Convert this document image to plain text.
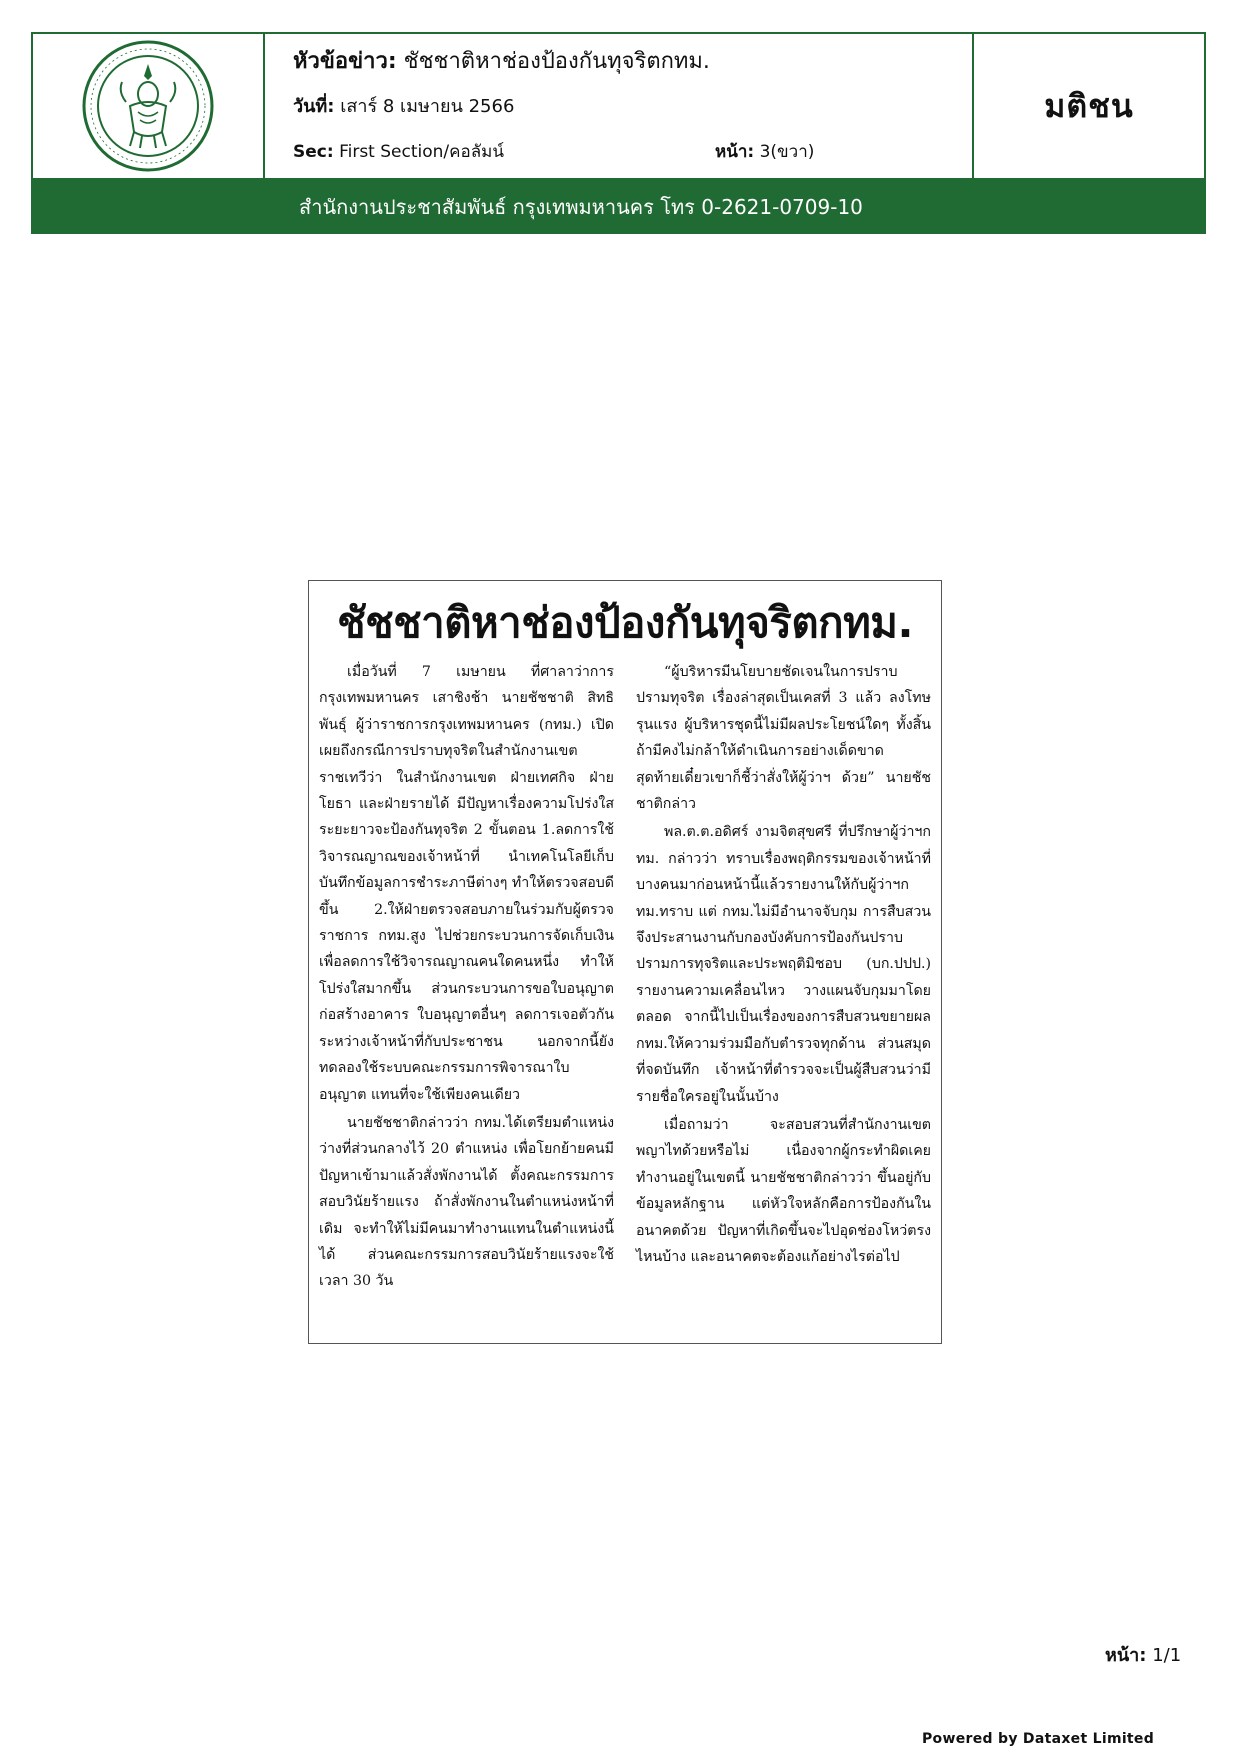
หัวข้อข่าว: ชัชชาติหาช่องป้องกันทุจริตกทม.
วันที่: เสาร์ 8 เมษายน 2566
Sec: First Section/คอลัมน์	หน้า: 3(ขวา)
มติชน
สำนักงานประชาสัมพันธ์ กรุงเทพมหานคร โทร 0-2621-0709-10
ชัชชาติหาช่องป้องกันทุจริตกทม.

เมื่อวันที่ 7 เมษายน ที่ศาลาว่าการกรุงเทพมหานคร เสาชิงช้า นายชัชชาติ สิทธิพันธุ์ ผู้ว่าราชการกรุงเทพมหานคร (กทม.) เปิดเผยถึงกรณีการปราบทุจริตในสำนักงานเขตราชเทวีว่า ในสำนักงานเขต ฝ่ายเทศกิจ ฝ่ายโยธา และฝ่ายรายได้ มีปัญหาเรื่องความโปร่งใส ระยะยาวจะป้องกันทุจริต 2 ขั้นตอน 1.ลดการใช้วิจารณญาณของเจ้าหน้าที่ นำเทคโนโลยีเก็บบันทึกข้อมูลการชำระภาษีต่างๆ ทำให้ตรวจสอบดีขึ้น 2.ให้ฝ่ายตรวจสอบภายในร่วมกับผู้ตรวจราชการ กทม.สูง ไปช่วยกระบวนการจัดเก็บเงิน เพื่อลดการใช้วิจารณญาณคนใดคนหนึ่ง ทำให้โปร่งใสมากขึ้น ส่วนกระบวนการขอใบอนุญาตก่อสร้างอาคาร ใบอนุญาตอื่นๆ ลดการเจอตัวกันระหว่างเจ้าหน้าที่กับประชาชน นอกจากนี้ยังทดลองใช้ระบบคณะกรรมการพิจารณาใบอนุญาต แทนที่จะใช้เพียงคนเดียว

นายชัชชาติกล่าวว่า กทม.ได้เตรียมตำแหน่งว่างที่ส่วนกลางไว้ 20 ตำแหน่ง เพื่อโยกย้ายคนมีปัญหาเข้ามาแล้วสั่งพักงานได้ ตั้งคณะกรรมการสอบวินัยร้ายแรง ถ้าสั่งพักงานในตำแหน่งหน้าที่เดิม จะทำให้ไม่มีคนมาทำงานแทนในตำแหน่งนี้ได้ ส่วนคณะกรรมการสอบวินัยร้ายแรงจะใช้เวลา 30 วัน

“ผู้บริหารมีนโยบายชัดเจนในการปราบปรามทุจริต เรื่องล่าสุดเป็นเคสที่ 3 แล้ว ลงโทษรุนแรง ผู้บริหารชุดนี้ไม่มีผลประโยชน์ใดๆ ทั้งสิ้น ถ้ามีคงไม่กล้าให้ดำเนินการอย่างเด็ดขาด สุดท้ายเดี๋ยวเขาก็ชี้ว่าสั่งให้ผู้ว่าฯ ด้วย” นายชัชชาติกล่าว

พล.ต.ต.อดิศร์ งามจิตสุขศรี ที่ปรึกษาผู้ว่าฯกทม. กล่าวว่า ทราบเรื่องพฤติกรรมของเจ้าหน้าที่บางคนมาก่อนหน้านี้แล้วรายงานให้กับผู้ว่าฯกทม.ทราบ แต่ กทม.ไม่มีอำนาจจับกุม การสืบสวน จึงประสานงานกับกองบังคับการป้องกันปราบปรามการทุจริตและประพฤติมิชอบ (บก.ปปป.) รายงานความเคลื่อนไหว วางแผนจับกุมมาโดยตลอด จากนี้ไปเป็นเรื่องของการสืบสวนขยายผล กทม.ให้ความร่วมมือกับตำรวจทุกด้าน ส่วนสมุดที่จดบันทึก เจ้าหน้าที่ตำรวจจะเป็นผู้สืบสวนว่ามีรายชื่อใครอยู่ในนั้นบ้าง

เมื่อถามว่า จะสอบสวนที่สำนักงานเขตพญาไทด้วยหรือไม่ เนื่องจากผู้กระทำผิดเคยทำงานอยู่ในเขตนี้ นายชัชชาติกล่าวว่า ขึ้นอยู่กับข้อมูลหลักฐาน แต่หัวใจหลักคือการป้องกันในอนาคตด้วย ปัญหาที่เกิดขึ้นจะไปอุดช่องโหว่ตรงไหนบ้าง และอนาคตจะต้องแก้อย่างไรต่อไป

หน้า: 1/1
Powered by Dataxet Limited
